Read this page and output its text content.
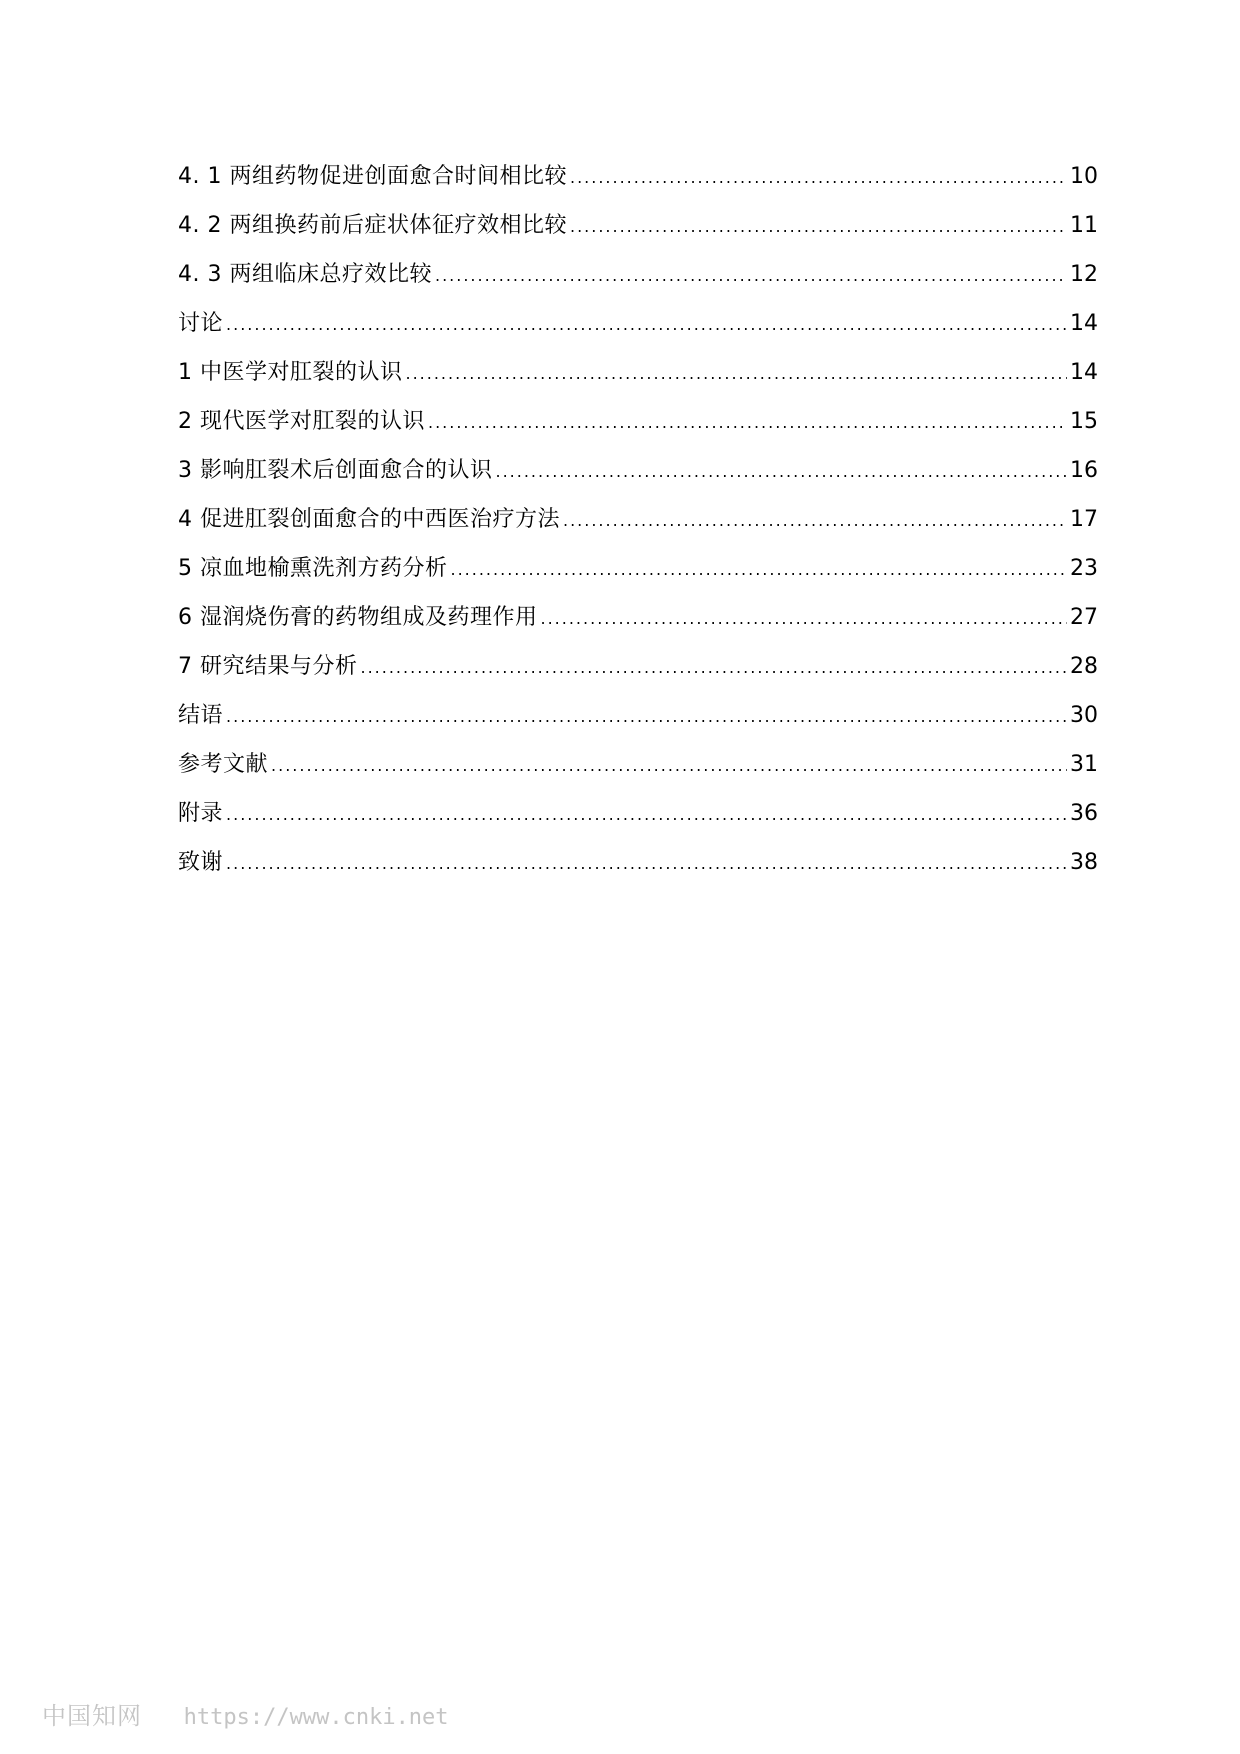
4. 1 两组药物促进创面愈合时间相比较 .....	10
4. 2 两组换药前后症状体征疗效相比较 .....	11
4. 3 两组临床总疗效比较 .....	12
讨论 .....	14
1 中医学对肛裂的认识 .....	14
2 现代医学对肛裂的认识 .....	15
3 影响肛裂术后创面愈合的认识 .....	16
4 促进肛裂创面愈合的中西医治疗方法 .....	17
5 凉血地榆熏洗剂方药分析 .....	23
6 湿润烧伤膏的药物组成及药理作用 .....	27
7 研究结果与分析 .....	28
结语 .....	30
参考文献 .....	31
附录 .....	36
致谢 .....	38
中国知网 https://www.cnki.net
